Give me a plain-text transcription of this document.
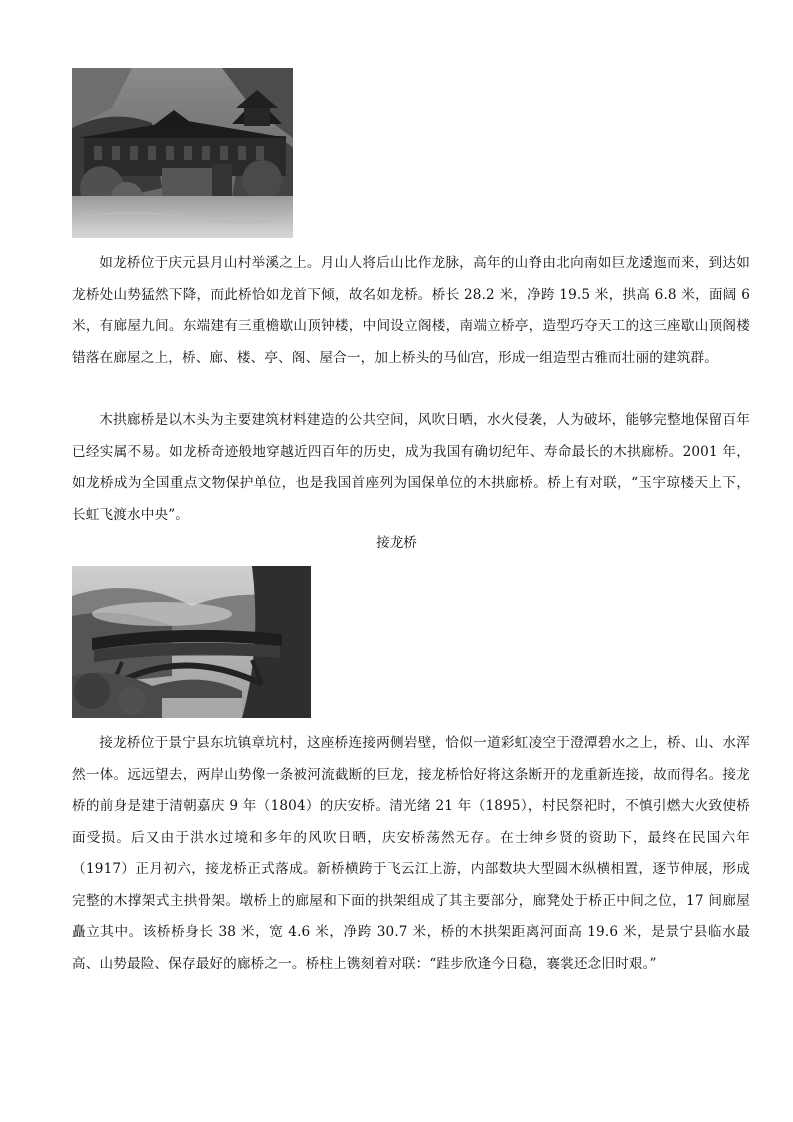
如龙桥位于庆元县月山村举溪之上。月山人将后山比作龙脉，高年的山脊由北向南如巨龙逶迤而来，到达如龙桥处山势猛然下降，而此桥恰如龙首下倾，故名如龙桥。桥长 28.2 米，净跨 19.5 米，拱高 6.8 米，面阔 6 米，有廊屋九间。东端建有三重檐歇山顶钟楼，中间设立阁楼，南端立桥亭，造型巧夺天工的这三座歇山顶阁楼错落在廊屋之上，桥、廊、楼、亭、阁、屋合一，加上桥头的马仙宫，形成一组造型古雅而壮丽的建筑群。

木拱廊桥是以木头为主要建筑材料建造的公共空间，风吹日晒，水火侵袭，人为破坏，能够完整地保留百年已经实属不易。如龙桥奇迹般地穿越近四百年的历史，成为我国有确切纪年、寿命最长的木拱廊桥。2001 年，如龙桥成为全国重点文物保护单位，也是我国首座列为国保单位的木拱廊桥。桥上有对联，“玉宇琼楼天上下，长虹飞渡水中央”。

接龙桥

接龙桥位于景宁县东坑镇章坑村，这座桥连接两侧岩壁，恰似一道彩虹凌空于澄潭碧水之上，桥、山、水浑然一体。远远望去，两岸山势像一条被河流截断的巨龙，接龙桥恰好将这条断开的龙重新连接，故而得名。接龙桥的前身是建于清朝嘉庆 9 年（1804）的庆安桥。清光绪 21 年（1895），村民祭祀时，不慎引燃大火致使桥面受损。后又由于洪水过境和多年的风吹日晒，庆安桥荡然无存。在士绅乡贤的资助下，最终在民国六年（1917）正月初六，接龙桥正式落成。新桥横跨于飞云江上游，内部数块大型圆木纵横相置，逐节伸展，形成完整的木撑架式主拱骨架。墩桥上的廊屋和下面的拱架组成了其主要部分，廊凳处于桥正中间之位，17 间廊屋矗立其中。该桥桥身长 38 米，宽 4.6 米，净跨 30.7 米，桥的木拱架距离河面高 19.6 米，是景宁县临水最高、山势最险、保存最好的廊桥之一。桥柱上镌刻着对联：“跬步欣逢今日稳，褰裳还念旧时艰。”
